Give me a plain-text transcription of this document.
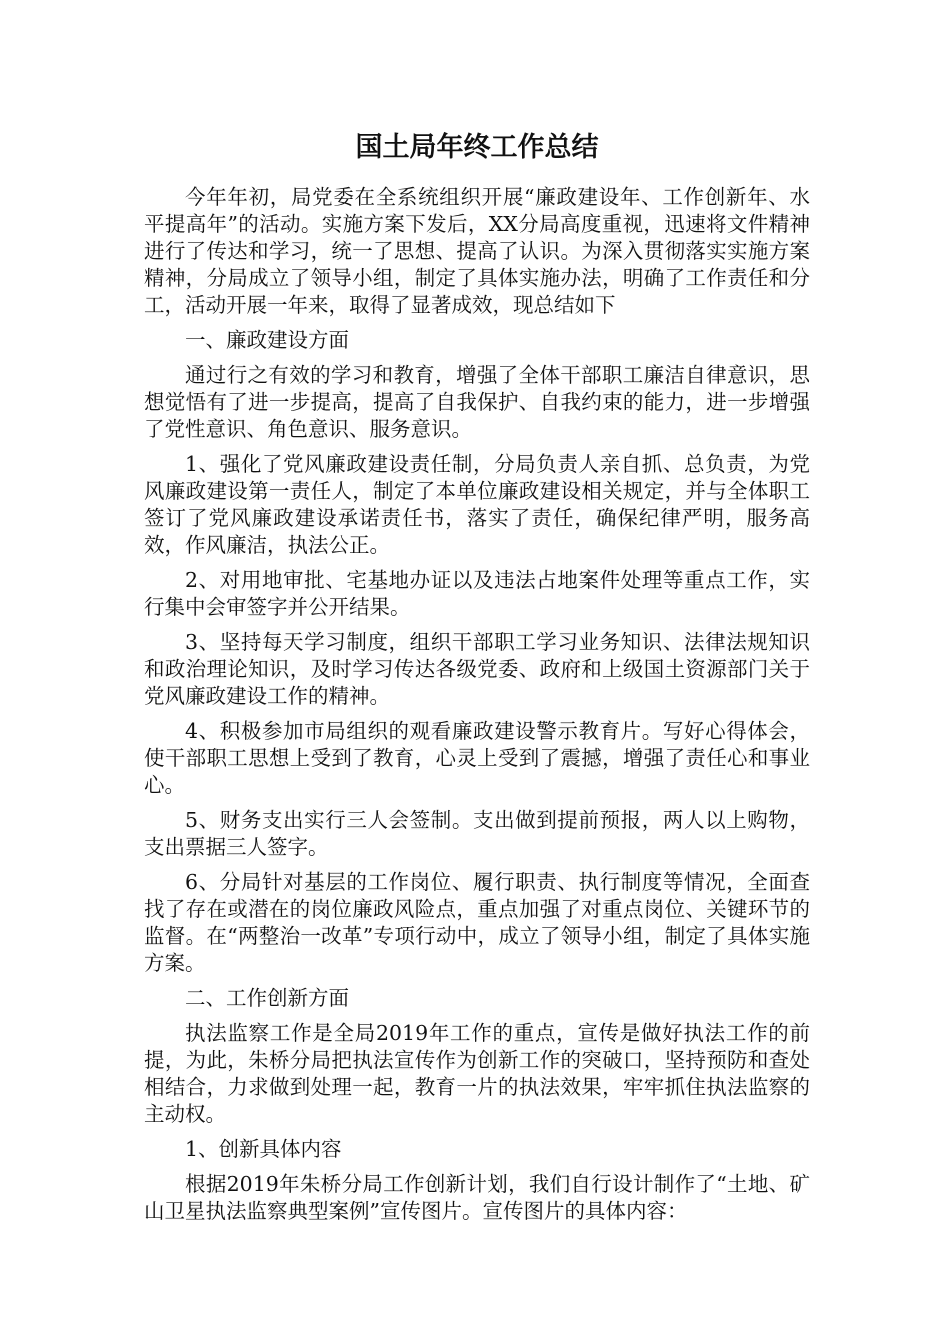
国土局年终工作总结

今年年初，局党委在全系统组织开展“廉政建设年、工作创新年、水平提高年”的活动。实施方案下发后，XX分局高度重视，迅速将文件精神进行了传达和学习，统一了思想、提高了认识。为深入贯彻落实实施方案精神，分局成立了领导小组，制定了具体实施办法，明确了工作责任和分工，活动开展一年来，取得了显著成效，现总结如下

一、廉政建设方面

通过行之有效的学习和教育，增强了全体干部职工廉洁自律意识，思想觉悟有了进一步提高，提高了自我保护、自我约束的能力，进一步增强了党性意识、角色意识、服务意识。

1、强化了党风廉政建设责任制，分局负责人亲自抓、总负责，为党风廉政建设第一责任人，制定了本单位廉政建设相关规定，并与全体职工签订了党风廉政建设承诺责任书，落实了责任，确保纪律严明，服务高效，作风廉洁，执法公正。

2、对用地审批、宅基地办证以及违法占地案件处理等重点工作，实行集中会审签字并公开结果。

3、坚持每天学习制度，组织干部职工学习业务知识、法律法规知识和政治理论知识，及时学习传达各级党委、政府和上级国土资源部门关于党风廉政建设工作的精神。

4、积极参加市局组织的观看廉政建设警示教育片。写好心得体会，使干部职工思想上受到了教育，心灵上受到了震撼，增强了责任心和事业心。

5、财务支出实行三人会签制。支出做到提前预报，两人以上购物，支出票据三人签字。

6、分局针对基层的工作岗位、履行职责、执行制度等情况，全面查找了存在或潜在的岗位廉政风险点，重点加强了对重点岗位、关键环节的监督。在“两整治一改革”专项行动中，成立了领导小组，制定了具体实施方案。

二、工作创新方面

执法监察工作是全局2019年工作的重点，宣传是做好执法工作的前提，为此，朱桥分局把执法宣传作为创新工作的突破口，坚持预防和查处相结合，力求做到处理一起，教育一片的执法效果，牢牢抓住执法监察的主动权。

1、创新具体内容

根据2019年朱桥分局工作创新计划，我们自行设计制作了“土地、矿山卫星执法监察典型案例”宣传图片。宣传图片的具体内容：
